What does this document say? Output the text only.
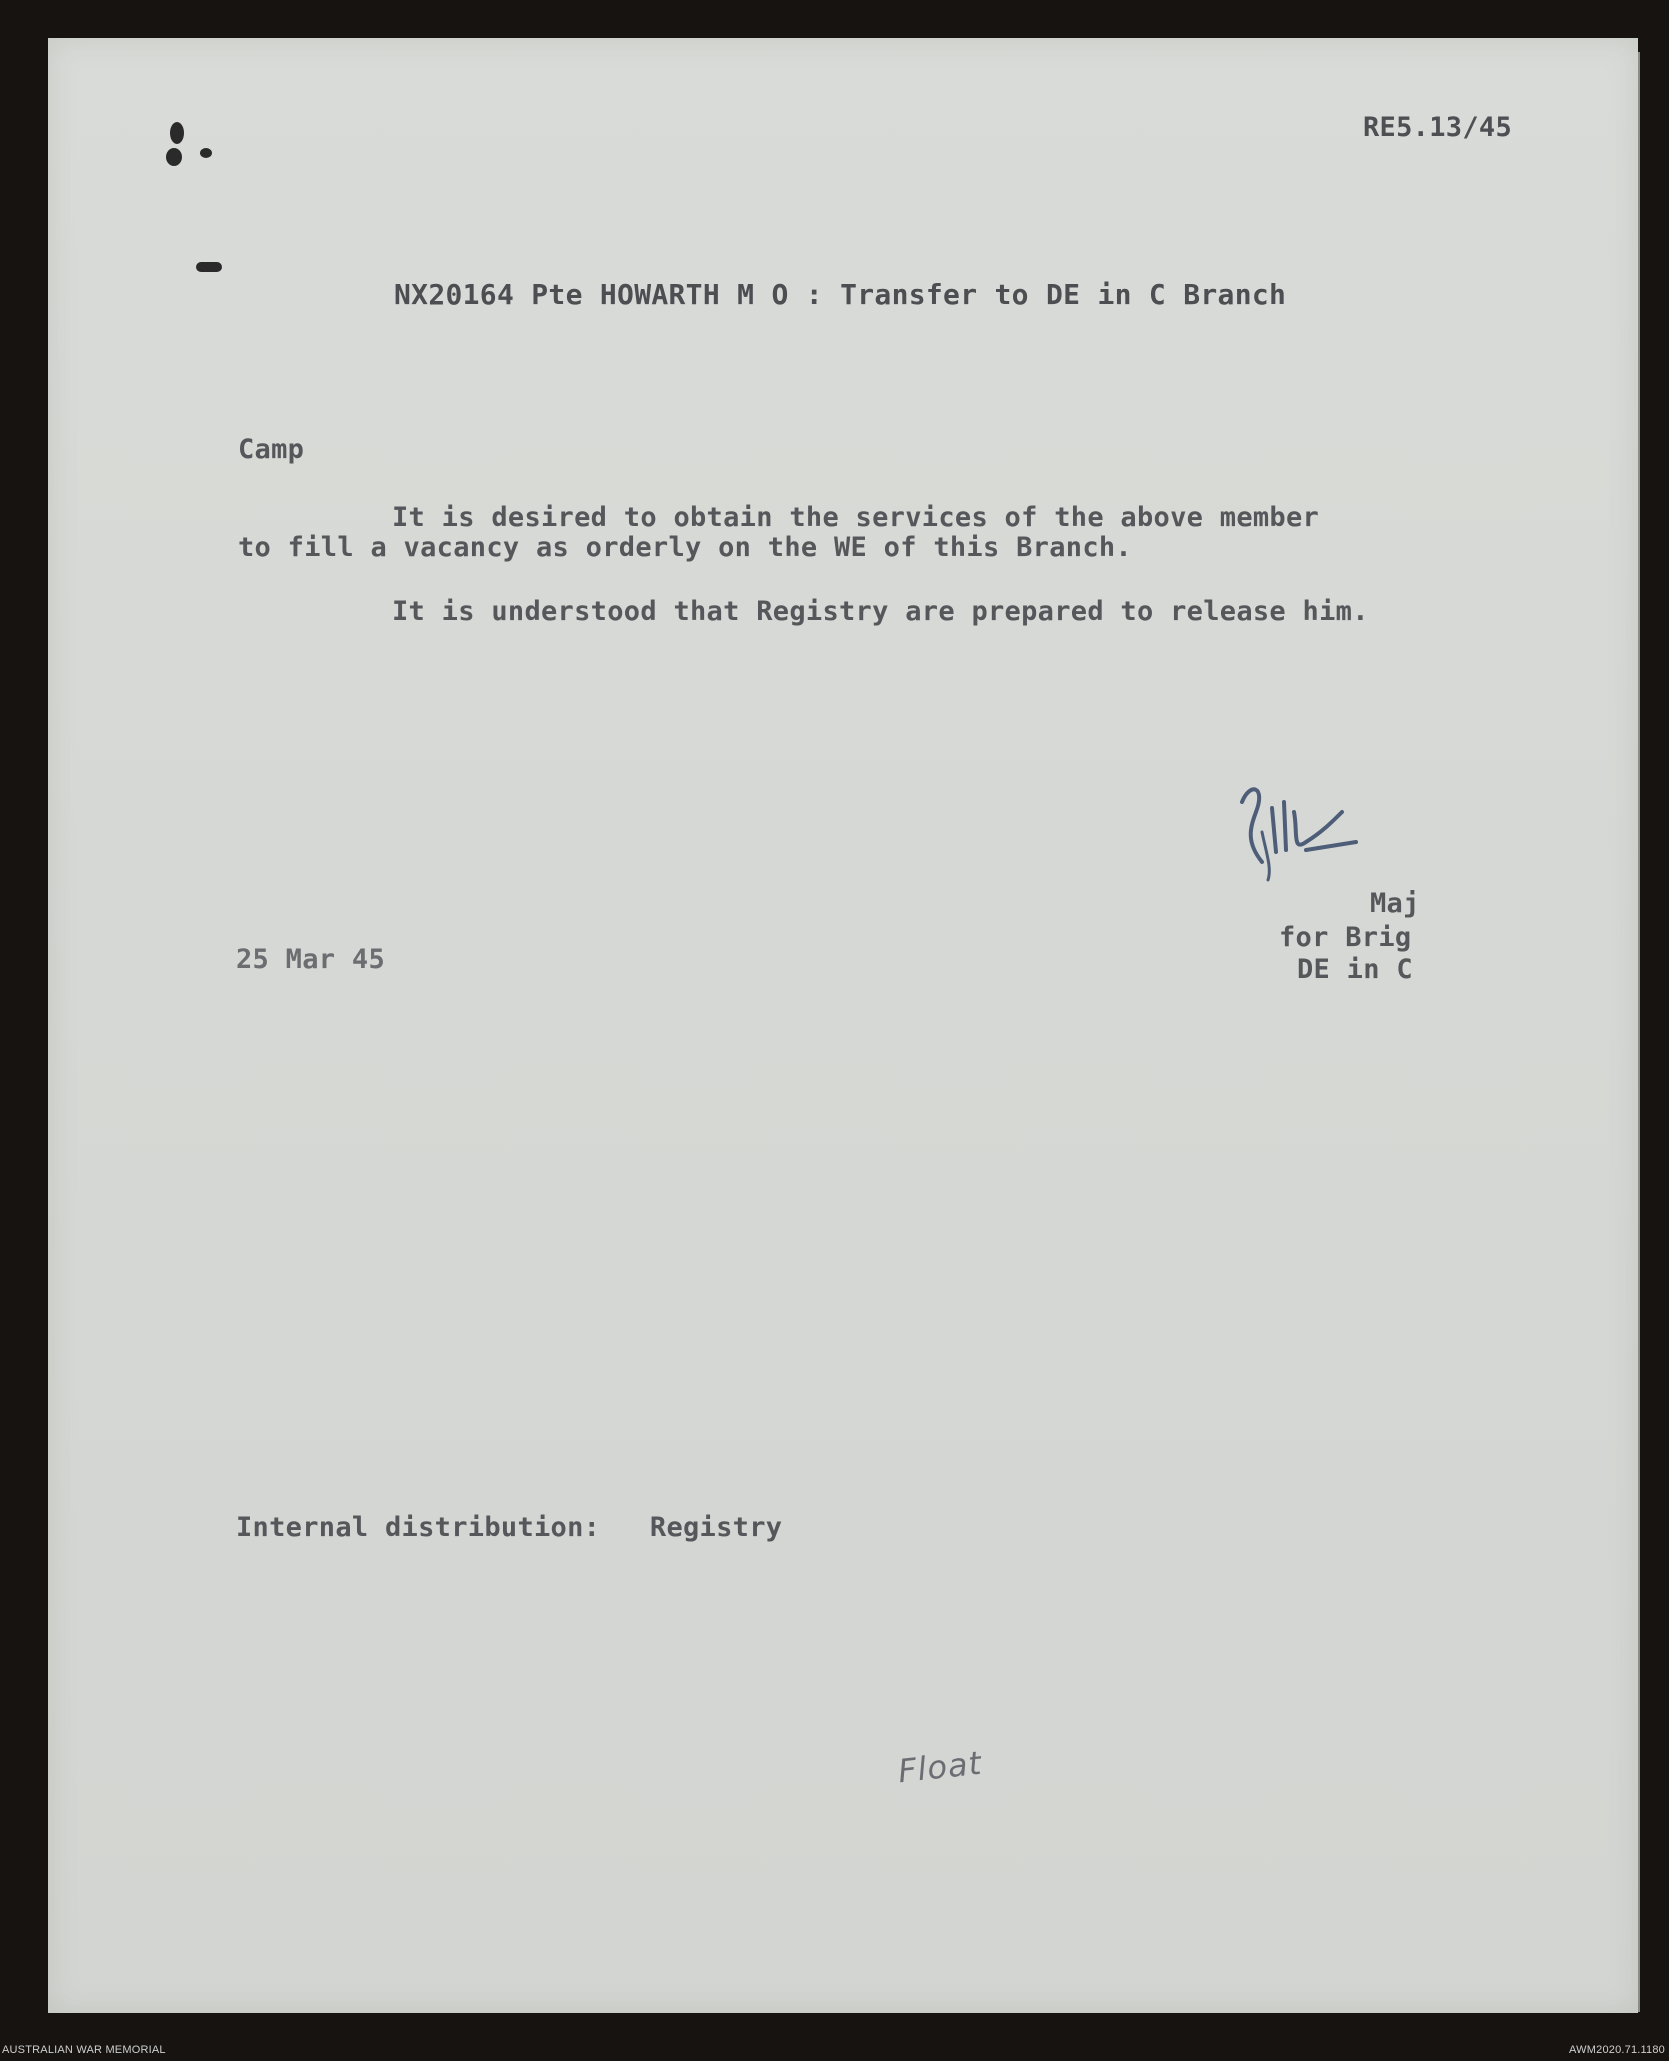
RE5.13/45
NX20164 Pte HOWARTH M O : Transfer to DE in C Branch
Camp
It is desired to obtain the services of the above member
to fill a vacancy as orderly on the WE of this Branch.
It is understood that Registry are prepared to release him.
Maj
for Brig
DE in C
25 Mar 45
Internal distribution:   Registry
Float
AUSTRALIAN WAR MEMORIAL	AWM2020.71.1180
